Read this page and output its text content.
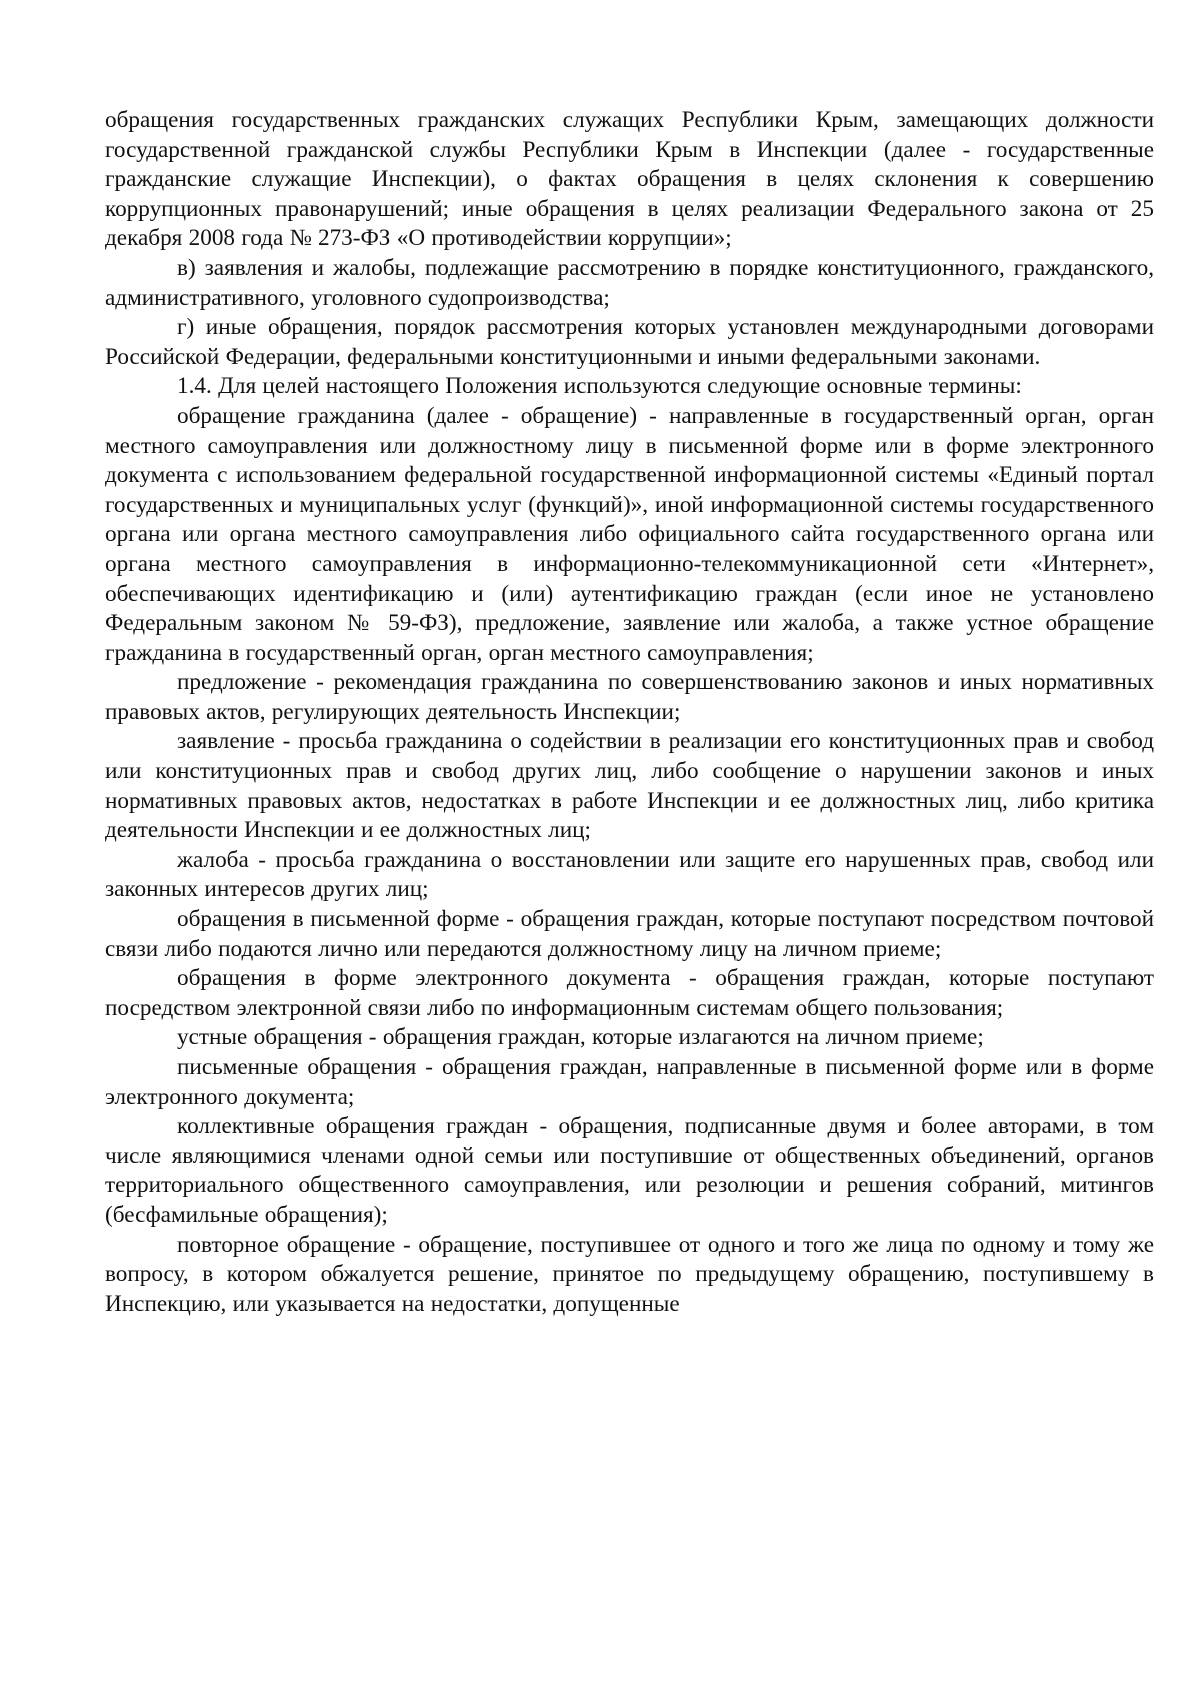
обращения государственных гражданских служащих Республики Крым, замещающих должности государственной гражданской службы Республики Крым в Инспекции (далее - государственные гражданские служащие Инспекции), о фактах обращения в целях склонения к совершению коррупционных правонарушений; иные обращения в целях реализации Федерального закона от 25 декабря 2008 года № 273-ФЗ «О противодействии коррупции»;

в) заявления и жалобы, подлежащие рассмотрению в порядке конституционного, гражданского, административного, уголовного судопроизводства;

г) иные обращения, порядок рассмотрения которых установлен международными договорами Российской Федерации, федеральными конституционными и иными федеральными законами.

1.4. Для целей настоящего Положения используются следующие основные термины:

обращение гражданина (далее - обращение) - направленные в государственный орган, орган местного самоуправления или должностному лицу в письменной форме или в форме электронного документа с использованием федеральной государственной информационной системы «Единый портал государственных и муниципальных услуг (функций)», иной информационной системы государственного органа или органа местного самоуправления либо официального сайта государственного органа или органа местного самоуправления в информационно-телекоммуникационной сети «Интернет», обеспечивающих идентификацию и (или) аутентификацию граждан (если иное не установлено Федеральным законом № 59-ФЗ), предложение, заявление или жалоба, а также устное обращение гражданина в государственный орган, орган местного самоуправления;

предложение - рекомендация гражданина по совершенствованию законов и иных нормативных правовых актов, регулирующих деятельность Инспекции;

заявление - просьба гражданина о содействии в реализации его конституционных прав и свобод или конституционных прав и свобод других лиц, либо сообщение о нарушении законов и иных нормативных правовых актов, недостатках в работе Инспекции и ее должностных лиц, либо критика деятельности Инспекции и ее должностных лиц;

жалоба - просьба гражданина о восстановлении или защите его нарушенных прав, свобод или законных интересов других лиц;

обращения в письменной форме - обращения граждан, которые поступают посредством почтовой связи либо подаются лично или передаются должностному лицу на личном приеме;

обращения в форме электронного документа - обращения граждан, которые поступают посредством электронной связи либо по информационным системам общего пользования;

устные обращения - обращения граждан, которые излагаются на личном приеме;

письменные обращения - обращения граждан, направленные в письменной форме или в форме электронного документа;

коллективные обращения граждан - обращения, подписанные двумя и более авторами, в том числе являющимися членами одной семьи или поступившие от общественных объединений, органов территориального общественного самоуправления, или резолюции и решения собраний, митингов (бесфамильные обращения);

повторное обращение - обращение, поступившее от одного и того же лица по одному и тому же вопросу, в котором обжалуется решение, принятое по предыдущему обращению, поступившему в Инспекцию, или указывается на недостатки, допущенные
